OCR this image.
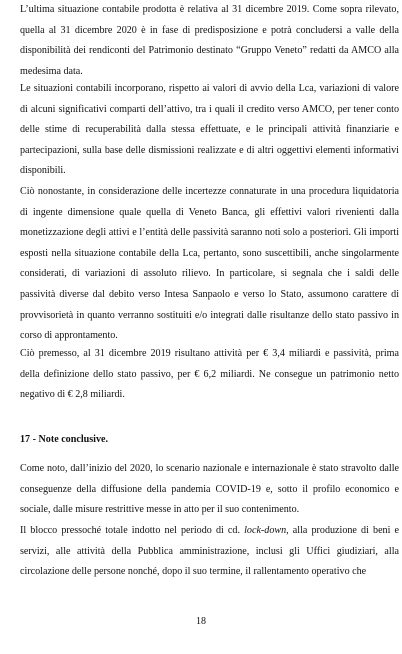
L’ultima situazione contabile prodotta è relativa al 31 dicembre 2019. Come sopra rilevato, quella al 31 dicembre 2020 è in fase di predisposizione e potrà concludersi a valle della disponibilità dei rendiconti del Patrimonio destinato “Gruppo Veneto” redatti da AMCO alla medesima data.

Le situazioni contabili incorporano, rispetto ai valori di avvio della Lca, variazioni di valore di alcuni significativi comparti dell’attivo, tra i quali il credito verso AMCO, per tener conto delle stime di recuperabilità dalla stessa effettuate, e le principali attività finanziarie e partecipazioni, sulla base delle dismissioni realizzate e di altri oggettivi elementi informativi disponibili.

Ciò nonostante, in considerazione delle incertezze connaturate in una procedura liquidatoria di ingente dimensione quale quella di Veneto Banca, gli effettivi valori rivenienti dalla monetizzazione degli attivi e l’entità delle passività saranno noti solo a posteriori. Gli importi esposti nella situazione contabile della Lca, pertanto, sono suscettibili, anche singolarmente considerati, di variazioni di assoluto rilievo. In particolare, si segnala che i saldi delle passività diverse dal debito verso Intesa Sanpaolo e verso lo Stato, assumono carattere di provvisorietà in quanto verranno sostituiti e/o integrati dalle risultanze dello stato passivo in corso di approntamento.

Ciò premesso, al 31 dicembre 2019 risultano attività per € 3,4 miliardi e passività, prima della definizione dello stato passivo, per € 6,2 miliardi. Ne consegue un patrimonio netto negativo di € 2,8 miliardi.

17 - Note conclusive.

Come noto, dall’inizio del 2020, lo scenario nazionale e internazionale è stato stravolto dalle conseguenze della diffusione della pandemia COVID-19 e, sotto il profilo economico e sociale, dalle misure restrittive messe in atto per il suo contenimento.

Il blocco pressoché totale indotto nel periodo di cd. lock-down, alla produzione di beni e servizi, alle attività della Pubblica amministrazione, inclusi gli Uffici giudiziari, alla circolazione delle persone nonché, dopo il suo termine, il rallentamento operativo che

18
